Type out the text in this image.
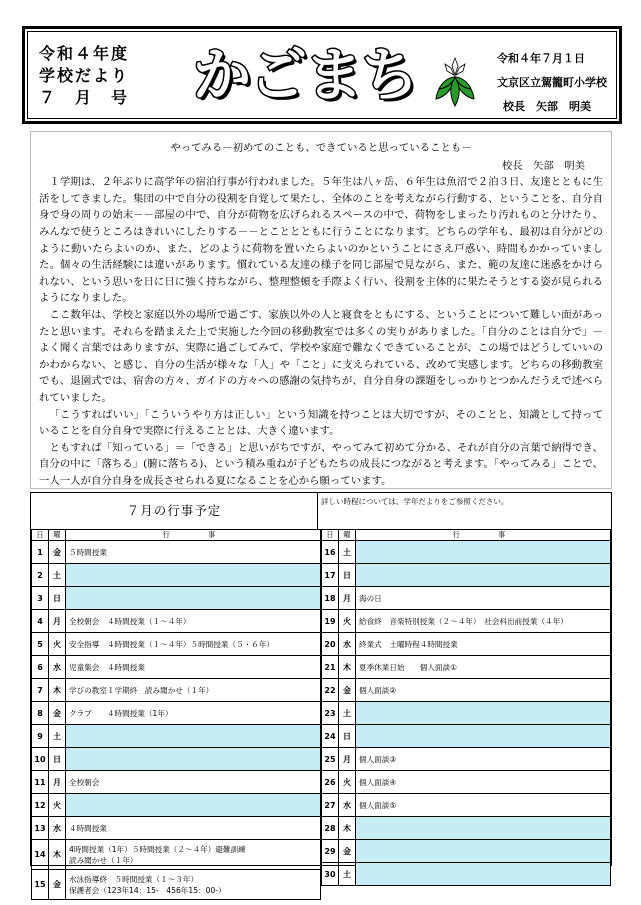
令和４年度
学校だより
７　月　号	かごまち	令和４年７月１日
文京区立駕籠町小学校
校長　矢部　明美
やってみる－初めてのことも、できていると思っていることも－
校長　矢部　明美

１学期は、２年ぶりに高学年の宿泊行事が行われました。５年生は八ヶ岳、６年生は魚沼で２泊３日、友達とともに生活をしてきました。集団の中で自分の役割を自覚して果たし、全体のことを考えながら行動する、ということを、自分自身で身の周りの始末－－部屋の中で、自分が荷物を広げられるスペースの中で、荷物をしまったり汚れものと分けたり、みんなで使うところはきれいにしたりする－－とこととともに行うことになります。どちらの学年も、最初は自分がどのように動いたらよいのか、また、どのように荷物を置いたらよいのかということにさえ戸惑い、時間もかかっていました。個々の生活経験には違いがあります。慣れている友達の様子を同じ部屋で見ながら、また、範の友達に迷惑をかけられない、という思いを日に日に強く持ちながら、整理整頓を手際よく行い、役割を主体的に果たそうとする姿が見られるようになりました。

ここ数年は、学校と家庭以外の場所で過ごす、家族以外の人と寝食をともにする、ということについて難しい面があったと思います。それらを踏まえた上で実施した今回の移動教室では多くの実りがありました。「自分のことは自分で」－よく聞く言葉ではありますが、実際に過ごしてみて、学校や家庭で難なくできていることが、この場ではどうしていいのかわからない、と感じ、自分の生活が様々な「人」や「こと」に支えられている、改めて実感します。どちらの移動教室でも、退園式では、宿舎の方々、ガイドの方々への感謝の気持ちが、自分自身の課題をしっかりとつかんだうえで述べられていました。

「こうすればいい」「こういうやり方は正しい」という知識を持つことは大切ですが、そのことと、知識として持っていることを自分自身で実際に行えることとは、大きく違います。

ともすれば「知っている」＝「できる」と思いがちですが、やってみて初めて分かる、それが自分の言葉で納得でき、自分の中に「落ちる」(腑に落ちる)、という積み重ねが子どもたちの成長につながると考えます。「やってみる」ことで、一人一人が自分自身を成長させられる夏になることを心から願っています。

７月の行事予定
詳しい時程については、学年だよりをご参照ください。
日	曜	行　　事
1	金	５時間授業

2	土	
3	日	
4	月	全校朝会　４時間授業（１～４年）

5	火	安全指導　４時間授業（１～４年）５時間授業（５・６年）

6	水	児童集会　４時間授業

7	木	学びの教室１学期終　読み聞かせ（１年）

8	金	クラブ　　４時間授業（1年）

9	土	
10	日	
11	月	全校朝会

12	火	
13	水	４時間授業

14	木	4時間授業（1年）５時間授業（２～４年）避難訓練
読み聞かせ（１年）

15	金	水泳指導終　５時間授業（１～３年）
保護者会（123年14：15-　456年15：00-）
日	曜	行　　事
16	土	
17	日	
18	月	海の日

19	火	給食終　音楽特別授業（２～４年）　社会科出前授業（４年）

20	水	終業式　土曜時程４時間授業

21	木	夏季休業日始　　個人面談①

22	金	個人面談②

23	土	
24	日	
25	月	個人面談③

26	火	個人面談④

27	水	個人面談⑤

28	木	
29	金	
30	土	
